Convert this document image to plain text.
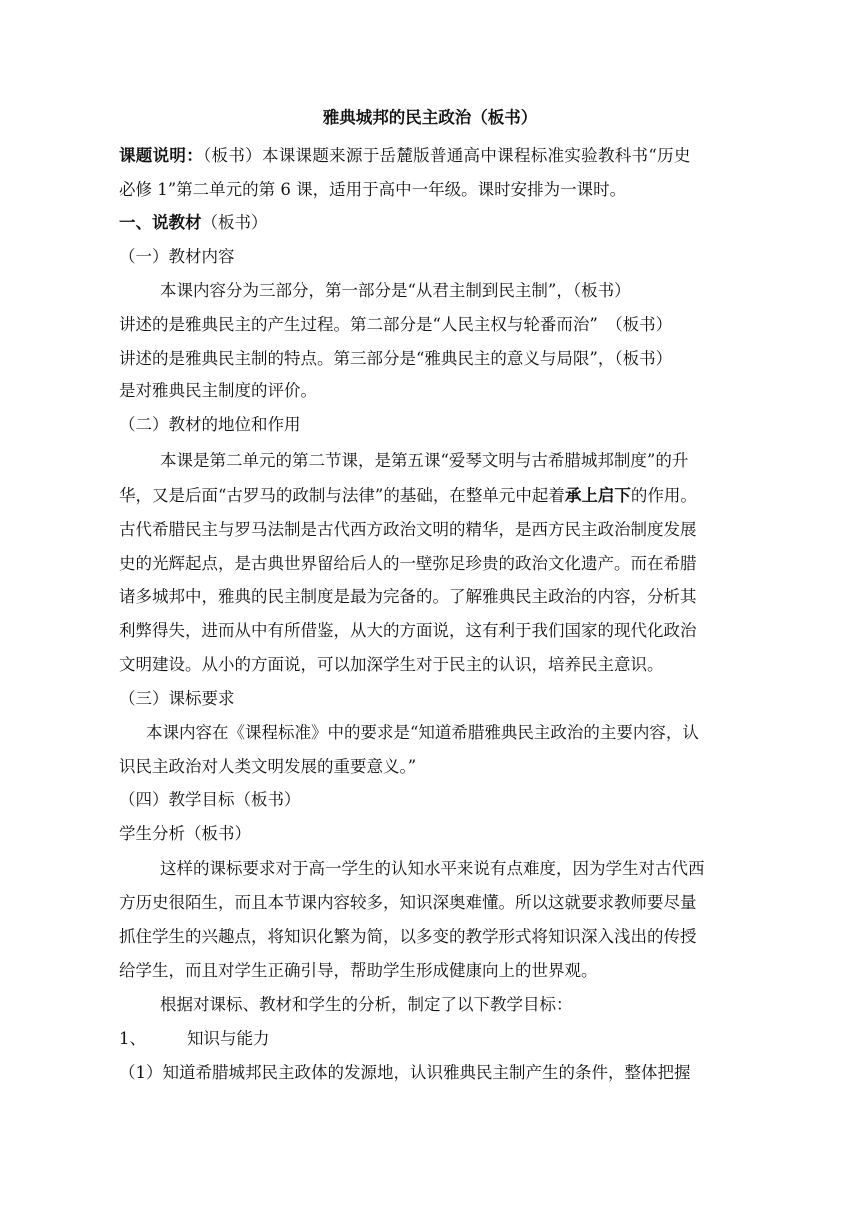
雅典城邦的民主政治（板书）
课题说明：（板书）本课课题来源于岳麓版普通高中课程标准实验教科书“历史
必修 1”第二单元的第 6 课，适用于高中一年级。课时安排为一课时。
一、说教材（板书）
（一）教材内容
本课内容分为三部分，第一部分是“从君主制到民主制”，（板书）
讲述的是雅典民主的产生过程。第二部分是“人民主权与轮番而治”　（板书）
讲述的是雅典民主制的特点。第三部分是“雅典民主的意义与局限”，（板书）
是对雅典民主制度的评价。
（二）教材的地位和作用
本课是第二单元的第二节课，是第五课“爱琴文明与古希腊城邦制度”的升
华，又是后面“古罗马的政制与法律”的基础，在整单元中起着承上启下的作用。
古代希腊民主与罗马法制是古代西方政治文明的精华，是西方民主政治制度发展
史的光辉起点，是古典世界留给后人的一壁弥足珍贵的政治文化遗产。而在希腊
诸多城邦中，雅典的民主制度是最为完备的。了解雅典民主政治的内容，分析其
利弊得失，进而从中有所借鉴，从大的方面说，这有利于我们国家的现代化政治
文明建设。从小的方面说，可以加深学生对于民主的认识，培养民主意识。
（三）课标要求
本课内容在《课程标准》中的要求是“知道希腊雅典民主政治的主要内容，认
识民主政治对人类文明发展的重要意义。”
（四）教学目标（板书）
学生分析（板书）
这样的课标要求对于高一学生的认知水平来说有点难度，因为学生对古代西
方历史很陌生，而且本节课内容较多，知识深奥难懂。所以这就要求教师要尽量
抓住学生的兴趣点，将知识化繁为简，以多变的教学形式将知识深入浅出的传授
给学生，而且对学生正确引导，帮助学生形成健康向上的世界观。
根据对课标、教材和学生的分析，制定了以下教学目标：
1、 知识与能力
（1）知道希腊城邦民主政体的发源地，认识雅典民主制产生的条件，整体把握
